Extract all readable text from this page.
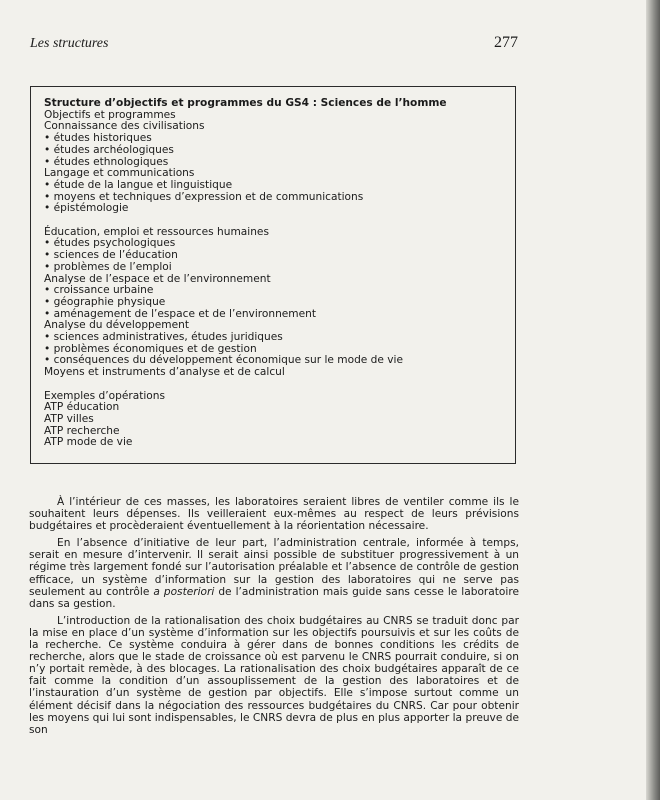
Les structures	277
Structure d’objectifs et programmes du GS4 : Sciences de l’homme
Objectifs et programmes
Connaissance des civilisations
• études historiques
• études archéologiques
• études ethnologiques
Langage et communications
• étude de la langue et linguistique
• moyens et techniques d’expression et de communications
• épistémologie
Éducation, emploi et ressources humaines
• études psychologiques
• sciences de l’éducation
• problèmes de l’emploi
Analyse de l’espace et de l’environnement
• croissance urbaine
• géographie physique
• aménagement de l’espace et de l’environnement
Analyse du développement
• sciences administratives, études juridiques
• problèmes économiques et de gestion
• conséquences du développement économique sur le mode de vie
Moyens et instruments d’analyse et de calcul
Exemples d’opérations
ATP éducation
ATP villes
ATP recherche
ATP mode de vie

À l’intérieur de ces masses, les laboratoires seraient libres de ventiler comme ils le souhaitent leurs dépenses. Ils veilleraient eux-mêmes au respect de leurs prévisions budgétaires et procèderaient éventuellement à la réorientation nécessaire.

En l’absence d’initiative de leur part, l’administration centrale, informée à temps, serait en mesure d’intervenir. Il serait ainsi possible de substituer progressivement à un régime très largement fondé sur l’autorisation préalable et l’absence de contrôle de gestion efficace, un système d’information sur la gestion des laboratoires qui ne serve pas seulement au contrôle a posteriori de l’administration mais guide sans cesse le laboratoire dans sa gestion.

L’introduction de la rationalisation des choix budgétaires au CNRS se traduit donc par la mise en place d’un système d’information sur les objectifs poursuivis et sur les coûts de la recherche. Ce système conduira à gérer dans de bonnes conditions les crédits de recherche, alors que le stade de croissance où est parvenu le CNRS pourrait conduire, si on n’y portait remède, à des blocages. La rationalisation des choix budgétaires apparaît de ce fait comme la condition d’un assouplissement de la gestion des laboratoires et de l’instauration d’un système de gestion par objectifs. Elle s’impose surtout comme un élément décisif dans la négociation des ressources budgétaires du CNRS. Car pour obtenir les moyens qui lui sont indispensables, le CNRS devra de plus en plus apporter la preuve de son
